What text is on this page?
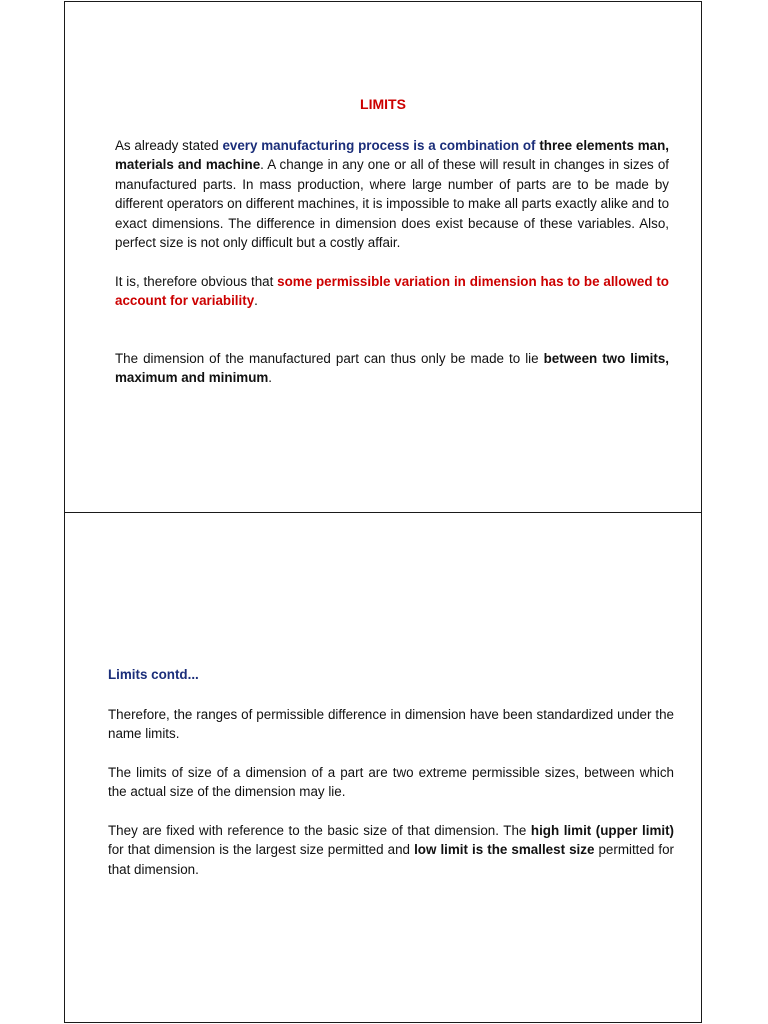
LIMITS

As already stated every manufacturing process is a combination of three elements man, materials and machine. A change in any one or all of these will result in changes in sizes of manufactured parts. In mass production, where large number of parts are to be made by different operators on different machines, it is impossible to make all parts exactly alike and to exact dimensions. The difference in dimension does exist because of these variables. Also, perfect size is not only difficult but a costly affair.

It is, therefore obvious that some permissible variation in dimension has to be allowed to account for variability.

The dimension of the manufactured part can thus only be made to lie between two limits, maximum and minimum.

Limits contd...

Therefore, the ranges of permissible difference in dimension have been standardized under the name limits.

The limits of size of a dimension of a part are two extreme permissible sizes, between which the actual size of the dimension may lie.

They are fixed with reference to the basic size of that dimension. The high limit (upper limit) for that dimension is the largest size permitted and low limit is the smallest size permitted for that dimension.
